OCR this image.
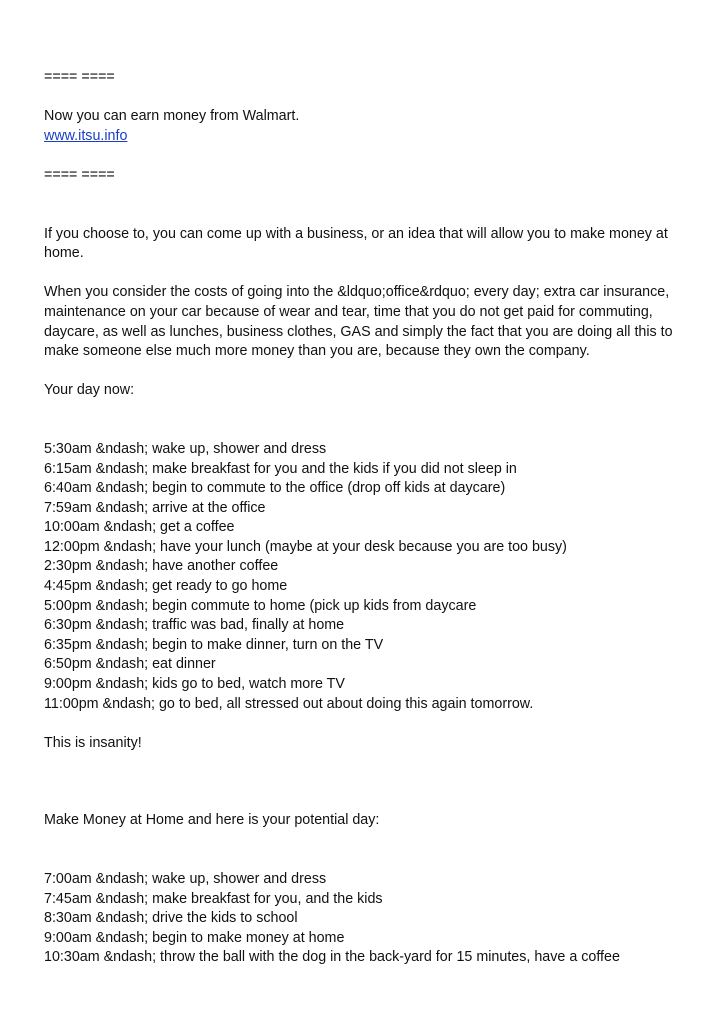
==== ====
Now you can earn money from Walmart.
www.itsu.info
==== ====
If you choose to, you can come up with a business, or an idea that will allow you to make money at home.
When you consider the costs of going into the &ldquo;office&rdquo; every day; extra car insurance, maintenance on your car because of wear and tear, time that you do not get paid for commuting, daycare, as well as lunches, business clothes, GAS and simply the fact that you are doing all this to make someone else much more money than you are, because they own the company.
Your day now:
5:30am &ndash; wake up, shower and dress
6:15am &ndash; make breakfast for you and the kids if you did not sleep in
6:40am &ndash; begin to commute to the office (drop off kids at daycare)
7:59am &ndash; arrive at the office
10:00am &ndash; get a coffee
12:00pm &ndash; have your lunch (maybe at your desk because you are too busy)
2:30pm &ndash; have another coffee
4:45pm &ndash; get ready to go home
5:00pm &ndash; begin commute to home (pick up kids from daycare
6:30pm &ndash; traffic was bad, finally at home
6:35pm &ndash; begin to make dinner, turn on the TV
6:50pm &ndash; eat dinner
9:00pm &ndash; kids go to bed, watch more TV
11:00pm &ndash; go to bed, all stressed out about doing this again tomorrow.
This is insanity!
Make Money at Home and here is your potential day:
7:00am &ndash; wake up, shower and dress
7:45am &ndash; make breakfast for you, and the kids
8:30am &ndash; drive the kids to school
9:00am &ndash; begin to make money at home
10:30am &ndash; throw the ball with the dog in the back-yard for 15 minutes, have a coffee
